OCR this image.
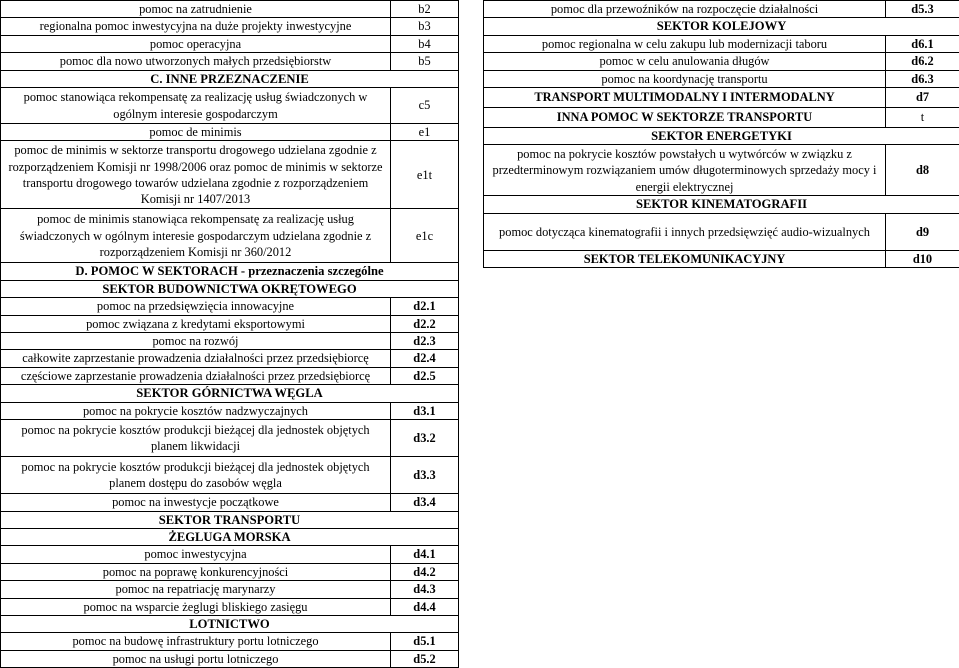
pomoc na zatrudnienie	b2
regionalna pomoc inwestycyjna na duże projekty inwestycyjne	b3
pomoc operacyjna	b4
pomoc dla nowo utworzonych małych przedsiębiorstw	b5
C. INNE PRZEZNACZENIE	
pomoc stanowiąca rekompensatę za realizację usług świadczonych w ogólnym interesie gospodarczym	c5
pomoc de minimis	e1
pomoc de minimis w sektorze transportu drogowego udzielana zgodnie z rozporządzeniem Komisji nr 1998/2006 oraz pomoc de minimis w sektorze transportu drogowego towarów udzielana zgodnie z rozporządzeniem Komisji nr 1407/2013	e1t
pomoc de minimis stanowiąca rekompensatę za realizację usług świadczonych w ogólnym interesie gospodarczym udzielana zgodnie z rozporządzeniem Komisji nr 360/2012	e1c
D. POMOC W SEKTORACH - przeznaczenia szczególne	
SEKTOR BUDOWNICTWA OKRĘTOWEGO	
pomoc na przedsięwzięcia innowacyjne	d2.1
pomoc związana z kredytami eksportowymi	d2.2
pomoc na rozwój	d2.3
całkowite zaprzestanie prowadzenia działalności przez przedsiębiorcę	d2.4
częściowe zaprzestanie prowadzenia działalności przez przedsiębiorcę	d2.5
SEKTOR GÓRNICTWA WĘGLA	
pomoc na pokrycie kosztów nadzwyczajnych	d3.1
pomoc na pokrycie kosztów produkcji bieżącej dla jednostek objętych planem likwidacji	d3.2
pomoc na pokrycie kosztów produkcji bieżącej dla jednostek objętych planem dostępu do zasobów węgla	d3.3
pomoc na inwestycje początkowe	d3.4
SEKTOR TRANSPORTU	
ŻEGLUGA MORSKA	
pomoc inwestycyjna	d4.1
pomoc na poprawę konkurencyjności	d4.2
pomoc na repatriację marynarzy	d4.3
pomoc na wsparcie żeglugi bliskiego zasięgu	d4.4
LOTNICTWO	
pomoc na budowę infrastruktury portu lotniczego	d5.1
pomoc na usługi portu lotniczego	d5.2
pomoc dla przewoźników na rozpoczęcie działalności	d5.3
SEKTOR KOLEJOWY	
pomoc regionalna w celu zakupu lub modernizacji taboru	d6.1
pomoc w celu anulowania długów	d6.2
pomoc na koordynację transportu	d6.3
TRANSPORT MULTIMODALNY I INTERMODALNY	d7
INNA POMOC W SEKTORZE TRANSPORTU	t
SEKTOR ENERGETYKI	
pomoc na pokrycie kosztów powstałych u wytwórców w związku z przedterminowym rozwiązaniem umów długoterminowych sprzedaży mocy i energii elektrycznej	d8
SEKTOR KINEMATOGRAFII	
pomoc dotycząca kinematografii i innych przedsięwzięć audio-wizualnych	d9
SEKTOR TELEKOMUNIKACYJNY	d10
